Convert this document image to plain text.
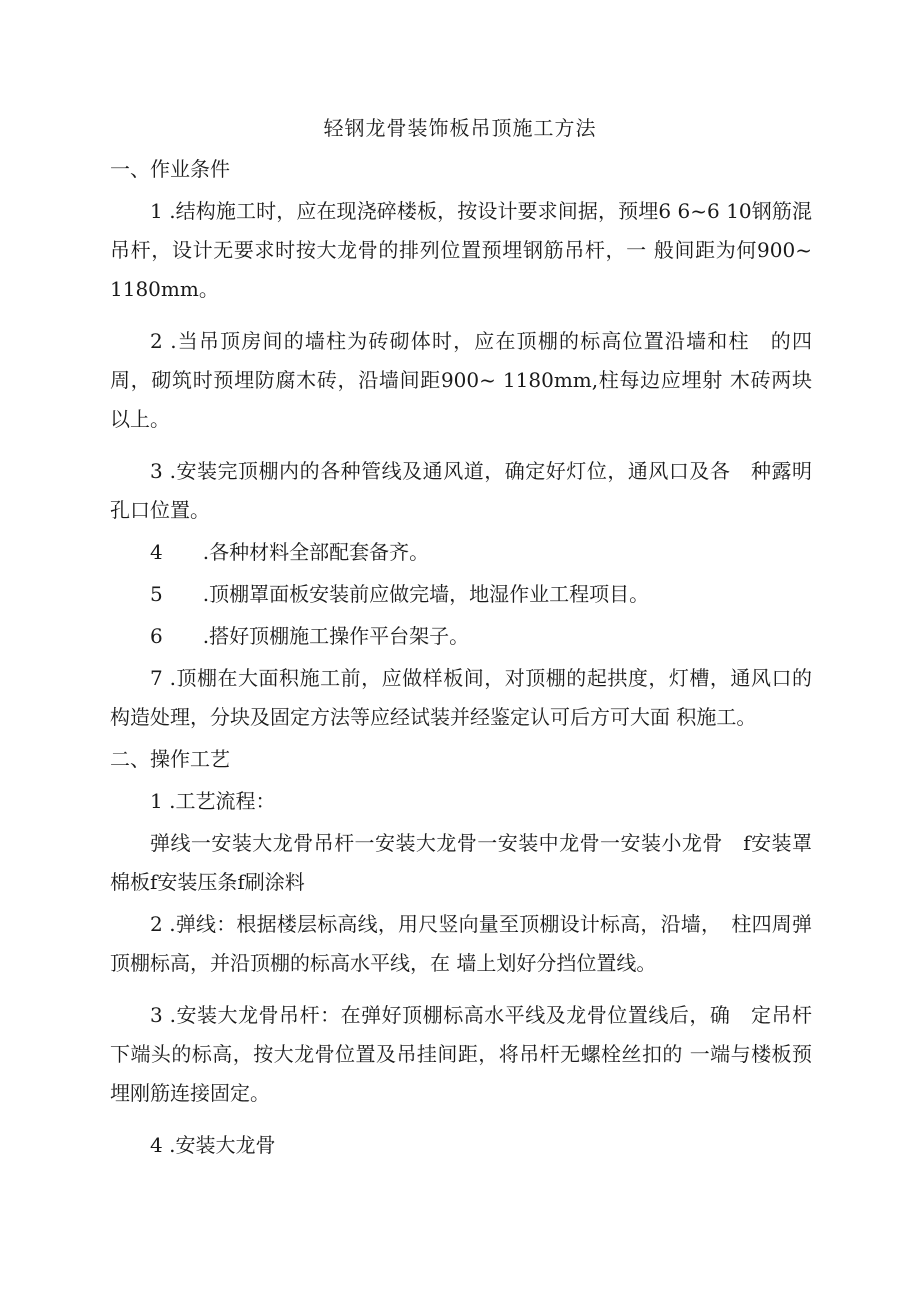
轻钢龙骨装饰板吊顶施工方法

一、作业条件

1 .结构施工时，应在现浇碎楼板，按设计要求间据，预埋6 6~6 10钢筋混吊杆，设计无要求时按大龙骨的排列位置预埋钢筋吊杆，一 般间距为何900~ 1180mm。

2 .当吊顶房间的墙柱为砖砌体时，应在顶棚的标高位置沿墙和柱　的四周，砌筑时预埋防腐木砖，沿墙间距900~ 1180mm,柱每边应埋射 木砖两块以上。

3 .安装完顶棚内的各种管线及通风道，确定好灯位，通风口及各　种露明孔口位置。

4　　.各种材料全部配套备齐。

5　　.顶棚罩面板安装前应做完墙，地湿作业工程项目。

6　　.搭好顶棚施工操作平台架子。

7 .顶棚在大面积施工前，应做样板间，对顶棚的起拱度，灯槽，通风口的构造处理，分块及固定方法等应经试装并经鉴定认可后方可大面 积施工。

二、操作工艺

1 .工艺流程：

弹线一安装大龙骨吊杆一安装大龙骨一安装中龙骨一安装小龙骨　f安装罩棉板f安装压条f刷涂料

2 .弹线：根据楼层标高线，用尺竖向量至顶棚设计标高，沿墙，　柱四周弹顶棚标高，并沿顶棚的标高水平线，在 墙上划好分挡位置线。

3 .安装大龙骨吊杆：在弹好顶棚标高水平线及龙骨位置线后，确　定吊杆下端头的标高，按大龙骨位置及吊挂间距，将吊杆无螺栓丝扣的 一端与楼板预埋刚筋连接固定。

4 .安装大龙骨
